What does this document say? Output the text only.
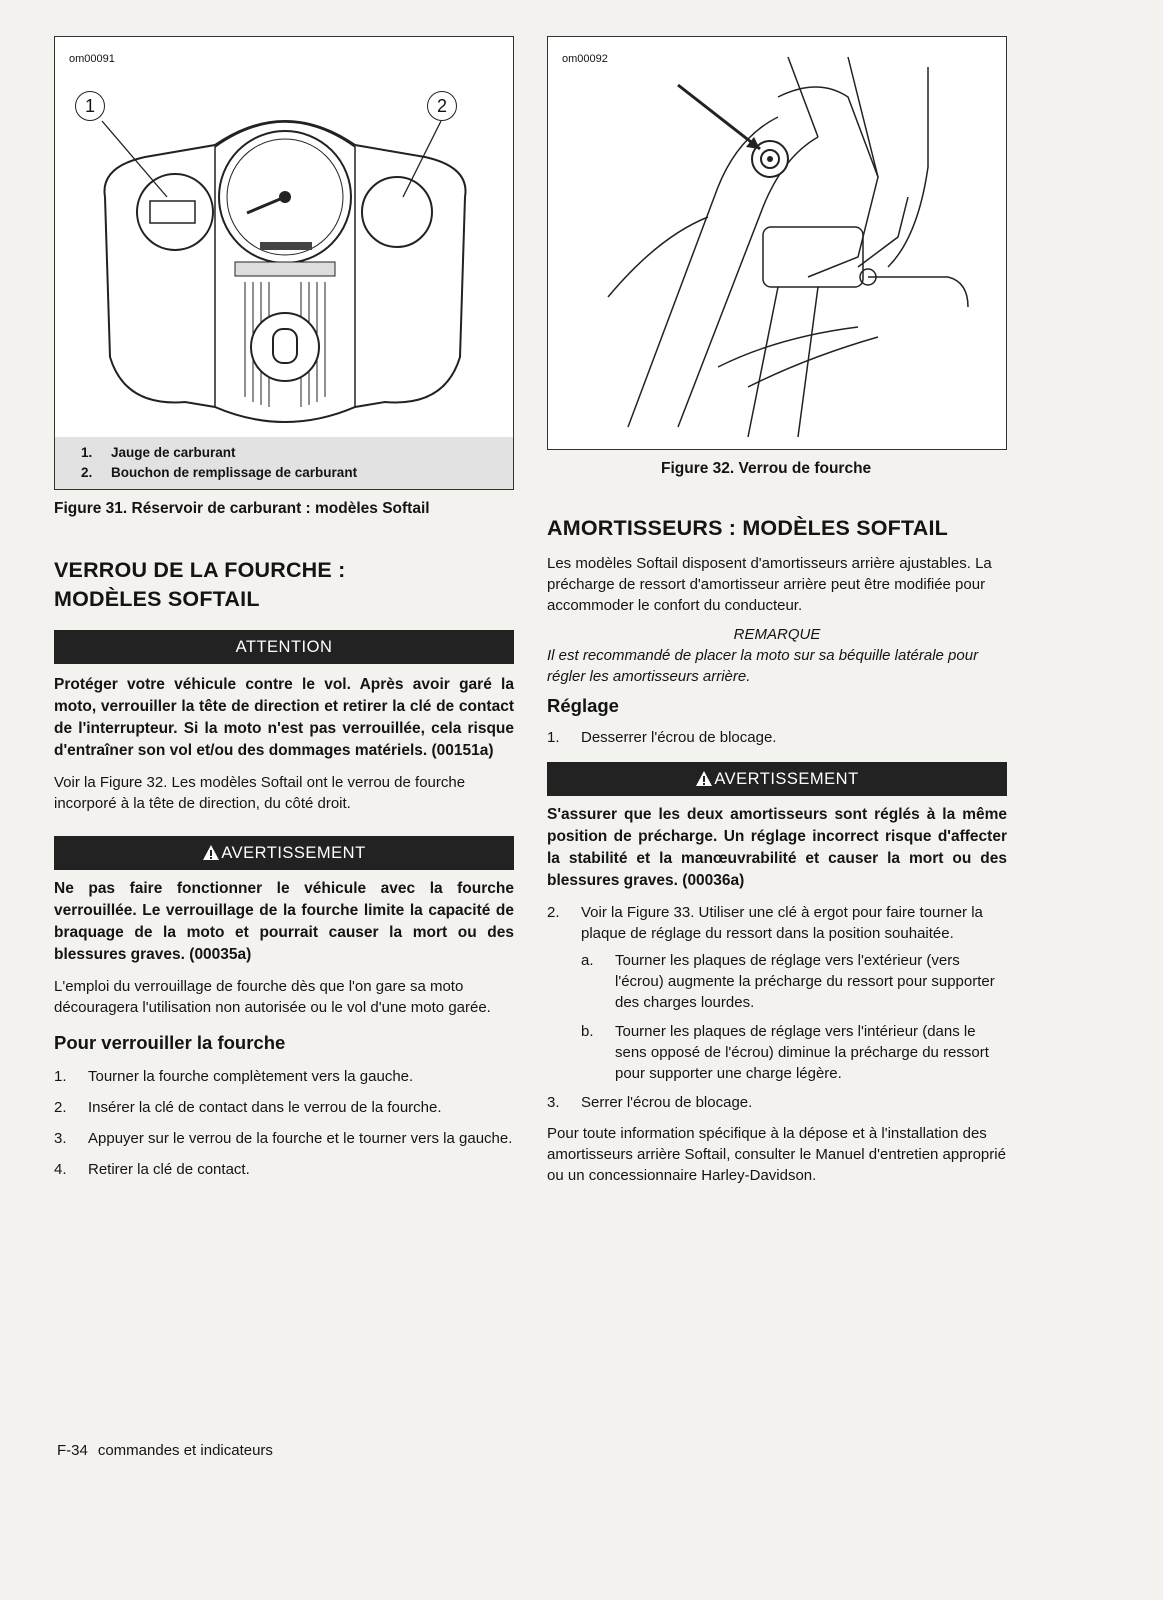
om00091
1	2
1. Jauge de carburant
2. Bouchon de remplissage de carburant
Figure 31. Réservoir de carburant : modèles Softail
VERROU DE LA FOURCHE :
MODÈLES SOFTAIL
ATTENTION

Protéger votre véhicule contre le vol. Après avoir garé la moto, verrouiller la tête de direction et retirer la clé de contact de l'interrupteur. Si la moto n'est pas verrouillée, cela risque d'entraîner son vol et/ou des dommages matériels. (00151a)

Voir la Figure 32. Les modèles Softail ont le verrou de fourche incorporé à la tête de direction, du côté droit.

AVERTISSEMENT

Ne pas faire fonctionner le véhicule avec la fourche verrouillée. Le verrouillage de la fourche limite la capacité de braquage de la moto et pourrait causer la mort ou des blessures graves. (00035a)

L'emploi du verrouillage de fourche dès que l'on gare sa moto découragera l'utilisation non autorisée ou le vol d'une moto garée.

Pour verrouiller la fourche
1.	Tourner la fourche complètement vers la gauche.
2.	Insérer la clé de contact dans le verrou de la fourche.
3.	Appuyer sur le verrou de la fourche et le tourner vers la gauche.
4.	Retirer la clé de contact.
om00092
Figure 32. Verrou de fourche
AMORTISSEURS : MODÈLES SOFTAIL

Les modèles Softail disposent d'amortisseurs arrière ajustables. La précharge de ressort d'amortisseur arrière peut être modifiée pour accommoder le confort du conducteur.

REMARQUE

Il est recommandé de placer la moto sur sa béquille latérale pour régler les amortisseurs arrière.

Réglage
1.	Desserrer l'écrou de blocage.
AVERTISSEMENT

S'assurer que les deux amortisseurs sont réglés à la même position de précharge. Un réglage incorrect risque d'affecter la stabilité et la manœuvrabilité et causer la mort ou des blessures graves. (00036a)

2.	Voir la Figure 33. Utiliser une clé à ergot pour faire tourner la plaque de réglage du ressort dans la position souhaitée.
a.	Tourner les plaques de réglage vers l'extérieur (vers l'écrou) augmente la précharge du ressort pour supporter des charges lourdes.
b.	Tourner les plaques de réglage vers l'intérieur (dans le sens opposé de l'écrou) diminue la précharge du ressort pour supporter une charge légère.
3.	Serrer l'écrou de blocage.

Pour toute information spécifique à la dépose et à l'installation des amortisseurs arrière Softail, consulter le Manuel d'entretien approprié ou un concessionnaire Harley-Davidson.

F-34 commandes et indicateurs
